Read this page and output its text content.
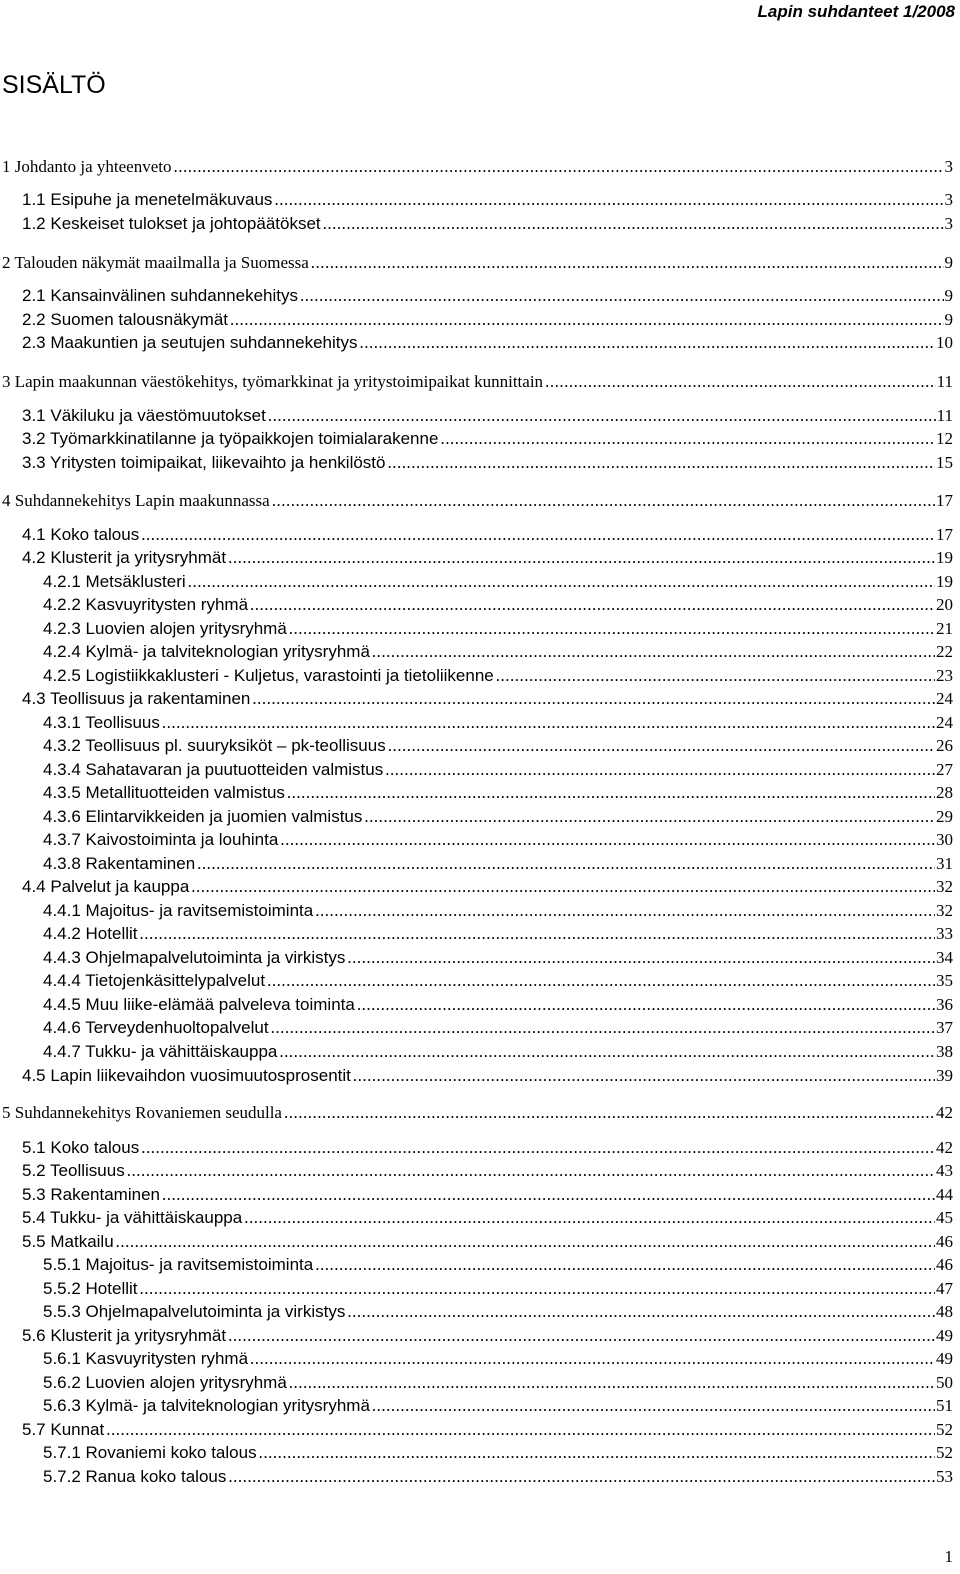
Lapin suhdanteet 1/2008
SISÄLTÖ
1 Johdanto ja yhteenveto .....	3
1.1 Esipuhe ja menetelmäkuvaus .....	3
1.2 Keskeiset tulokset ja johtopäätökset .....	3
2 Talouden näkymät maailmalla ja Suomessa .....	9
2.1 Kansainvälinen suhdannekehitys .....	9
2.2 Suomen talousnäkymät .....	9
2.3 Maakuntien ja seutujen suhdannekehitys .....	10
3 Lapin maakunnan väestökehitys, työmarkkinat ja yritystoimipaikat kunnittain .....	11
3.1 Väkiluku ja väestömuutokset .....	11
3.2 Työmarkkinatilanne ja työpaikkojen toimialarakenne .....	12
3.3 Yritysten toimipaikat, liikevaihto ja henkilöstö .....	15
4 Suhdannekehitys Lapin maakunnassa .....	17
4.1 Koko talous .....	17
4.2 Klusterit ja yritysryhmät .....	19
4.2.1 Metsäklusteri .....	19
4.2.2 Kasvuyritysten ryhmä .....	20
4.2.3 Luovien alojen yritysryhmä .....	21
4.2.4 Kylmä- ja talviteknologian yritysryhmä .....	22
4.2.5 Logistiikkaklusteri - Kuljetus, varastointi ja tietoliikenne .....	23
4.3 Teollisuus ja rakentaminen .....	24
4.3.1 Teollisuus .....	24
4.3.2 Teollisuus pl. suuryksiköt – pk-teollisuus .....	26
4.3.4 Sahatavaran ja puutuotteiden valmistus .....	27
4.3.5 Metallituotteiden valmistus .....	28
4.3.6 Elintarvikkeiden ja juomien valmistus .....	29
4.3.7 Kaivostoiminta ja louhinta .....	30
4.3.8 Rakentaminen .....	31
4.4 Palvelut ja kauppa .....	32
4.4.1 Majoitus- ja ravitsemistoiminta .....	32
4.4.2 Hotellit .....	33
4.4.3 Ohjelmapalvelutoiminta ja virkistys .....	34
4.4.4 Tietojenkäsittelypalvelut .....	35
4.4.5 Muu liike-elämää palveleva toiminta .....	36
4.4.6 Terveydenhuoltopalvelut .....	37
4.4.7 Tukku- ja vähittäiskauppa .....	38
4.5 Lapin liikevaihdon vuosimuutosprosentit .....	39
5 Suhdannekehitys Rovaniemen seudulla .....	42
5.1 Koko talous .....	42
5.2 Teollisuus .....	43
5.3 Rakentaminen .....	44
5.4 Tukku- ja vähittäiskauppa .....	45
5.5 Matkailu .....	46
5.5.1 Majoitus- ja ravitsemistoiminta .....	46
5.5.2 Hotellit .....	47
5.5.3 Ohjelmapalvelutoiminta ja virkistys .....	48
5.6 Klusterit ja yritysryhmät .....	49
5.6.1 Kasvuyritysten ryhmä .....	49
5.6.2 Luovien alojen yritysryhmä .....	50
5.6.3 Kylmä- ja talviteknologian yritysryhmä .....	51
5.7 Kunnat .....	52
5.7.1 Rovaniemi koko talous .....	52
5.7.2 Ranua koko talous .....	53
1
